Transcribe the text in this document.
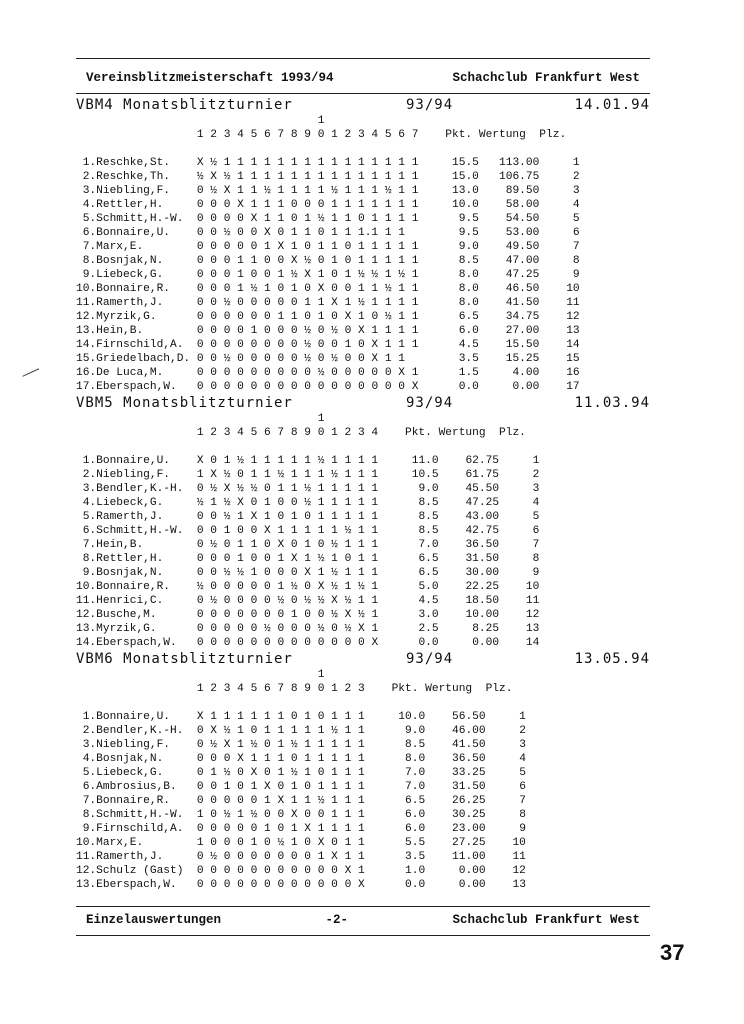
Vereinsblitzmeisterschaft 1993/94	Schachclub Frankfurt West
VBM4 Monatsblitzturnier	93/94	14.01.94
1
1 2 3 4 5 6 7 8 9 0 1 2 3 4 5 6 7 Pkt. Wertung Plz.
1.Reschke,St. X ½ 1 1 1 1 1 1 1 1 1 1 1 1 1 1 1	15.5 113.00	1
2.Reschke,Th. ½ X ½ 1 1 1 1 1 1 1 1 1 1 1 1 1 1	15.0 106.75	2
3.Niebling,F. 0 ½ X 1 1 ½ 1 1 1 1 ½ 1 1 1 ½ 1 1	13.0 89.50	3
4.Rettler,H.	0 0 0 X 1 1 1 0 0 0 1 1 1 1 1 1 1	10.0 58.00	4
5.Schmitt,H.-W. 0 0 0 0 X 1 1 0 1 ½ 1 1 0 1 1 1 1	9.5 54.50	5
6.Bonnaire,U. 0 0 ½ 0 0 X 0 1 1 0 1 1 1.1 1 1	9.5 53.00	6
7.Marx,E.	0 0 0 0 0 1 X 1 0 1 1 0 1 1 1 1 1	9.0 49.50	7
8.Bosnjak,N.	0 0 0 1 1 0 0 X ½ 0 1 0 1 1 1 1 1	8.5 47.00	8
9.Liebeck,G.	0 0 0 1 0 0 1 ½ X 1 0 1 ½ ½ 1 ½ 1	8.0 47.25	9
10.Bonnaire,R. 0 0 0 1 ½ 1 0 1 0 X 0 0 1 1 ½ 1 1	8.0 46.50 10
11.Ramerth,J.	0 0 ½ 0 0 0 0 0 1 1 X 1 ½ 1 1 1 1	8.0 41.50 11
12.Myrzik,G.	0 0 0 0 0 0 1 1 0 1 0 X 1 0 ½ 1 1	6.5 34.75 12
13.Hein,B.	0 0 0 0 1 0 0 0 ½ 0 ½ 0 X 1 1 1 1	6.0 27.00 13
14.Firnschild,A. 0 0 0 0 0 0 0 0 ½ 0 0 1 0 X 1 1 1	4.5 15.50 14
15.Griedelbach,D. 0 0 ½ 0 0 0 0 0 ½ 0 ½ 0 0 X 1 1	3.5 15.25 15
16.De Luca,M.	0 0 0 0 0 0 0 0 0 ½ 0 0 0 0 0 X 1	1.5	4.00 16
17.Eberspach,W. 0 0 0 0 0 0 0 0 0 0 0 0 0 0 0 0 X	0.0	0.00 17
VBM5 Monatsblitzturnier	93/94	11.03.94
1
1 2 3 4 5 6 7 8 9 0 1 2 3 4 Pkt. Wertung Plz.
1.Bonnaire,U. X 0 1 ½ 1 1 1 1 1 ½ 1 1 1 1	11.0 62.75	1
2.Niebling,F. 1 X ½ 0 1 1 ½ 1 1 1 ½ 1 1 1	10.5 61.75	2
3.Bendler,K.-H. 0 ½ X ½ ½ 0 1 1 ½ 1 1 1 1 1	9.0 45.50	3
4.Liebeck,G.	½ 1 ½ X 0 1 0 0 ½ 1 1 1 1 1	8.5 47.25	4
5.Ramerth,J.	0 0 ½ 1 X 1 0 1 0 1 1 1 1 1	8.5 43.00	5
6.Schmitt,H.-W. 0 0 1 0 0 X 1 1 1 1 1 ½ 1 1	8.5 42.75	6
7.Hein,B.	0 ½ 0 1 1 0 X 0 1 0 ½ 1 1 1	7.0 36.50	7
8.Rettler,H.	0 0 0 1 0 0 1 X 1 ½ 1 0 1 1	6.5 31.50	8
9.Bosnjak,N.	0 0 ½ ½ 1 0 0 0 X 1 ½ 1 1 1	6.5 30.00	9
10.Bonnaire,R. ½ 0 0 0 0 0 1 ½ 0 X ½ 1 ½ 1	5.0 22.25 10
11.Henrici,C.	0 ½ 0 0 0 0 ½ 0 ½ ½ X ½ 1 1	4.5 18.50 11
12.Busche,M.	0 0 0 0 0 0 0 1 0 0 ½ X ½ 1	3.0 10.00 12
13.Myrzik,G.	0 0 0 0 0 ½ 0 0 0 ½ 0 ½ X 1	2.5	8.25 13
14.Eberspach,W. 0 0 0 0 0 0 0 0 0 0 0 0 0 X	0.0	0.00 14
VBM6 Monatsblitzturnier	93/94	13.05.94
1
1 2 3 4 5 6 7 8 9 0 1 2 3 Pkt. Wertung Plz.
1.Bonnaire,U. X 1 1 1 1 1 1 0 1 0 1 1 1	10.0 56.50	1
2.Bendler,K.-H. 0 X ½ 1 0 1 1 1 1 1 ½ 1 1	9.0 46.00	2
3.Niebling,F. 0 ½ X 1 ½ 0 1 ½ 1 1 1 1 1	8.5 41.50	3
4.Bosnjak,N.	0 0 0 X 1 1 1 0 1 1 1 1 1	8.0 36.50	4
5.Liebeck,G.	0 1 ½ 0 X 0 1 ½ 1 0 1 1 1	7.0 33.25	5
6.Ambrosius,B. 0 0 1 0 1 X 0 1 0 1 1 1 1	7.0 31.50	6
7.Bonnaire,R. 0 0 0 0 0 1 X 1 1 ½ 1 1 1	6.5 26.25	7
8.Schmitt,H.-W. 1 0 ½ 1 ½ 0 0 X 0 0 1 1 1	6.0 30.25	8
9.Firnschild,A. 0 0 0 0 0 1 0 1 X 1 1 1 1	6.0 23.00	9
10.Marx,E.	1 0 0 0 1 0 ½ 1 0 X 0 1 1	5.5 27.25 10
11.Ramerth,J.	0 ½ 0 0 0 0 0 0 0 1 X 1 1	3.5 11.00 11
12.Schulz (Gast) 0 0 0 0 0 0 0 0 0 0 0 X 1	1.0	0.00 12
13.Eberspach,W. 0 0 0 0 0 0 0 0 0 0 0 0 X	0.0	0.00 13
Einzelauswertungen	-2-	Schachclub Frankfurt West
37
